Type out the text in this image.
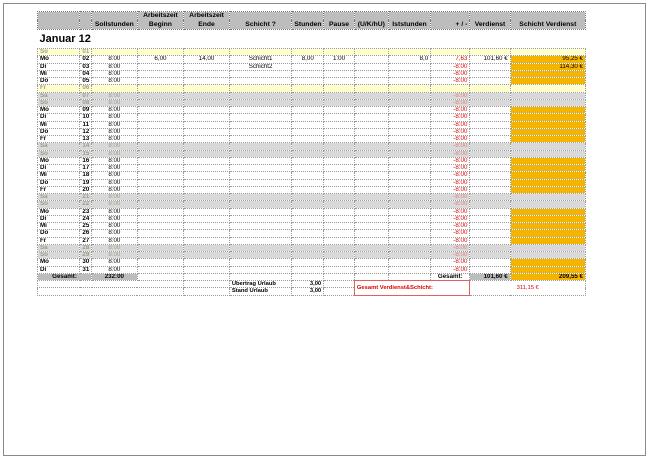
			Arbeitszeit	Arbeitszeit								
		Sollstunden	Beginn	Ende	Schicht ?	Stunden	Pause	(U/K/hU)	Iststunden	+ / -	Verdienst	Schicht Verdienst
Januar 12												
So	01											
Mo	02	8:00	6,00	14,00	Schicht1	8,00	1:00		8,0	7,63	101,60 €	95,25 €
Di	03	8:00			Schicht2					-8:00		114,30 €
Mi	04	8:00								-8:00		
Do	05	8:00								-8:00		
Fr	06											
Sa	07	8:00								-8:00		
So	08	8:00								-8:00		
Mo	09	8:00								-8:00		
Di	10	8:00								-8:00		
Mi	11	8:00								-8:00		
Do	12	8:00								-8:00		
Fr	13	8:00								-8:00		
Sa	14	8:00								-8:00		
So	15	8:00								-8:00		
Mo	16	8:00								-8:00		
Di	17	8:00								-8:00		
Mi	18	8:00								-8:00		
Do	19	8:00								-8:00		
Fr	20	8:00								-8:00		
Sa	21	8:00								-8:00		
So	22	8:00								-8:00		
Mo	23	8:00								-8:00		
Di	24	8:00								-8:00		
Mi	25	8:00								-8:00		
Do	26	8:00								-8:00		
Fr	27	8:00								-8:00		
Sa	28	8:00								-8:00		
So	29	8:00								-8:00		
Mo	30	8:00								-8:00		
Di	31	8:00								-8:00		
Gesamt:		232:00								Gesamt:	101,60 €	209,55 €
					Übertrag Urlaub	3,00		Gesamt Verdienst&Schicht:			311,15 €	
					Stand Urlaub	3,00						
